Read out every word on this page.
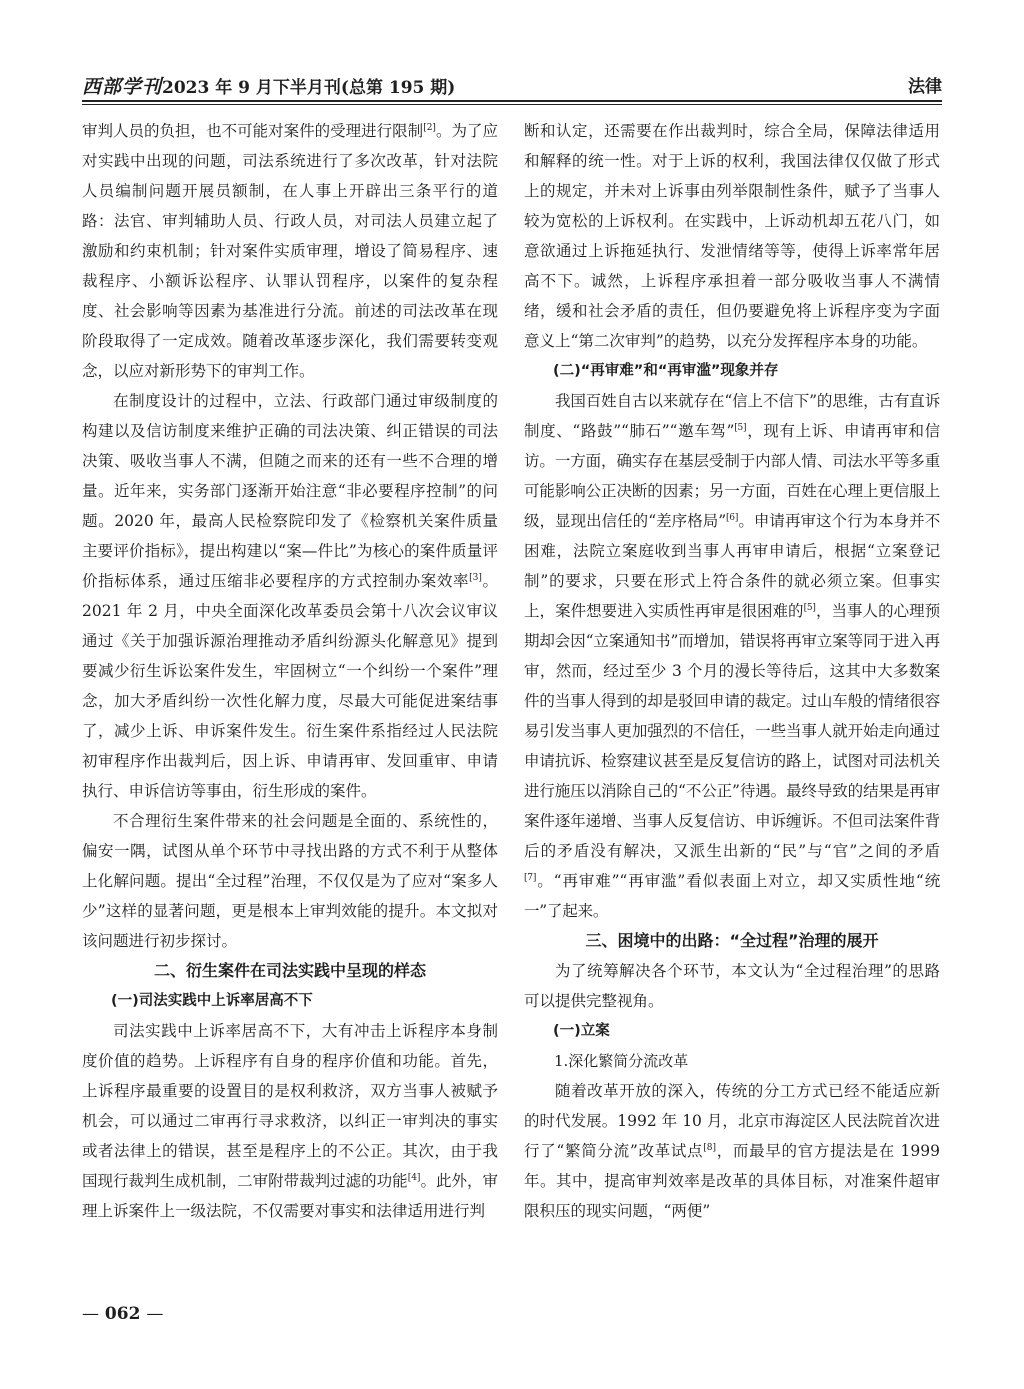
西部学刊2023 年 9 月下半月刊(总第 195 期)	法律

审判人员的负担，也不可能对案件的受理进行限制[2]。为了应对实践中出现的问题，司法系统进行了多次改革，针对法院人员编制问题开展员额制，在人事上开辟出三条平行的道路：法官、审判辅助人员、行政人员，对司法人员建立起了激励和约束机制；针对案件实质审理，增设了简易程序、速裁程序、小额诉讼程序、认罪认罚程序，以案件的复杂程度、社会影响等因素为基准进行分流。前述的司法改革在现阶段取得了一定成效。随着改革逐步深化，我们需要转变观念，以应对新形势下的审判工作。

在制度设计的过程中，立法、行政部门通过审级制度的构建以及信访制度来维护正确的司法决策、纠正错误的司法决策、吸收当事人不满，但随之而来的还有一些不合理的增量。近年来，实务部门逐渐开始注意“非必要程序控制”的问题。2020 年，最高人民检察院印发了《检察机关案件质量主要评价指标》，提出构建以“案—件比”为核心的案件质量评价指标体系，通过压缩非必要程序的方式控制办案效率[3]。2021 年 2 月，中央全面深化改革委员会第十八次会议审议通过《关于加强诉源治理推动矛盾纠纷源头化解意见》提到要减少衍生诉讼案件发生，牢固树立“一个纠纷一个案件”理念，加大矛盾纠纷一次性化解力度，尽最大可能促进案结事了，减少上诉、申诉案件发生。衍生案件系指经过人民法院初审程序作出裁判后，因上诉、申请再审、发回重审、申请执行、申诉信访等事由，衍生形成的案件。

不合理衍生案件带来的社会问题是全面的、系统性的，偏安一隅，试图从单个环节中寻找出路的方式不利于从整体上化解问题。提出“全过程”治理，不仅仅是为了应对“案多人少”这样的显著问题，更是根本上审判效能的提升。本文拟对该问题进行初步探讨。

二、衍生案件在司法实践中呈现的样态

(一)司法实践中上诉率居高不下

司法实践中上诉率居高不下，大有冲击上诉程序本身制度价值的趋势。上诉程序有自身的程序价值和功能。首先，上诉程序最重要的设置目的是权利救济，双方当事人被赋予机会，可以通过二审再行寻求救济，以纠正一审判决的事实或者法律上的错误，甚至是程序上的不公正。其次，由于我国现行裁判生成机制，二审附带裁判过滤的功能[4]。此外，审理上诉案件上一级法院，不仅需要对事实和法律适用进行判

断和认定，还需要在作出裁判时，综合全局，保障法律适用和解释的统一性。对于上诉的权利，我国法律仅仅做了形式上的规定，并未对上诉事由列举限制性条件，赋予了当事人较为宽松的上诉权利。在实践中，上诉动机却五花八门，如意欲通过上诉拖延执行、发泄情绪等等，使得上诉率常年居高不下。诚然，上诉程序承担着一部分吸收当事人不满情绪，缓和社会矛盾的责任，但仍要避免将上诉程序变为字面意义上“第二次审判”的趋势，以充分发挥程序本身的功能。

(二)“再审难”和“再审滥”现象并存

我国百姓自古以来就存在“信上不信下”的思维，古有直诉制度、“路鼓”“肺石”“邀车驾”[5]，现有上诉、申请再审和信访。一方面，确实存在基层受制于内部人情、司法水平等多重可能影响公正决断的因素；另一方面，百姓在心理上更信服上级，显现出信任的“差序格局”[6]。申请再审这个行为本身并不困难，法院立案庭收到当事人再审申请后，根据“立案登记制”的要求，只要在形式上符合条件的就必须立案。但事实上，案件想要进入实质性再审是很困难的[5]，当事人的心理预期却会因“立案通知书”而增加，错误将再审立案等同于进入再审，然而，经过至少 3 个月的漫长等待后，这其中大多数案件的当事人得到的却是驳回申请的裁定。过山车般的情绪很容易引发当事人更加强烈的不信任，一些当事人就开始走向通过申请抗诉、检察建议甚至是反复信访的路上，试图对司法机关进行施压以消除自己的“不公正”待遇。最终导致的结果是再审案件逐年递增、当事人反复信访、申诉缠诉。不但司法案件背后的矛盾没有解决，又派生出新的“民”与“官”之间的矛盾[7]。“再审难”“再审滥”看似表面上对立，却又实质性地“统一”了起来。

三、困境中的出路：“全过程”治理的展开

为了统筹解决各个环节，本文认为“全过程治理”的思路可以提供完整视角。

(一)立案

1.深化繁简分流改革

随着改革开放的深入，传统的分工方式已经不能适应新的时代发展。1992 年 10 月，北京市海淀区人民法院首次进行了“繁简分流”改革试点[8]，而最早的官方提法是在 1999 年。其中，提高审判效率是改革的具体目标，对准案件超审限积压的现实问题，“两便”

— 062 —
